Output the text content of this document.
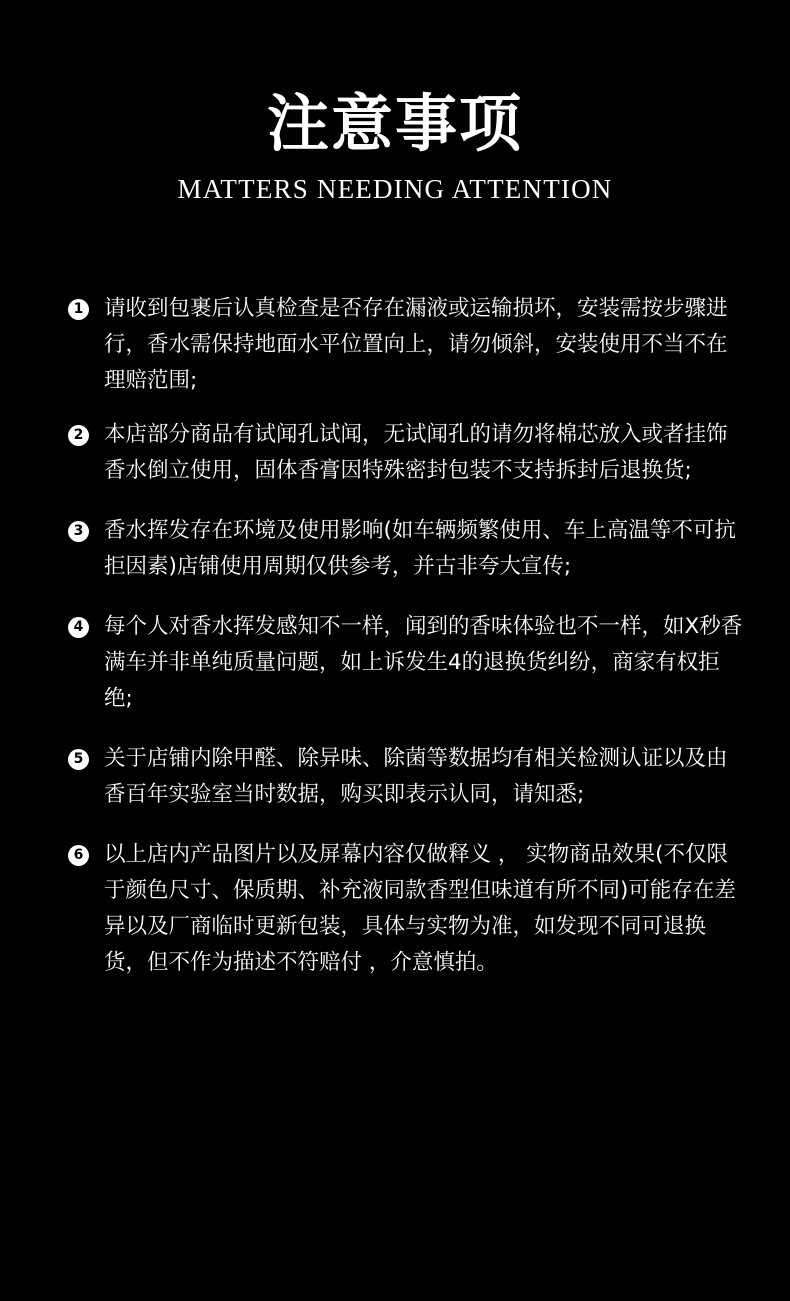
注意事项
MATTERS NEEDING ATTENTION
1 请收到包裹后认真检查是否存在漏液或运输损坏，安装需按步骤进行，香水需保持地面水平位置向上，请勿倾斜，安装使用不当不在理赔范围;
2 本店部分商品有试闻孔试闻，无试闻孔的请勿将棉芯放入或者挂饰香水倒立使用，固体香膏因特殊密封包装不支持拆封后退换货;
3 香水挥发存在环境及使用影响(如车辆频繁使用、车上高温等不可抗拒因素)店铺使用周期仅供参考，并古非夸大宣传;
4 每个人对香水挥发感知不一样，闻到的香味体验也不一样，如X秒香满车并非单纯质量问题，如上诉发生4的退换货纠纷，商家有权拒绝;
5 关于店铺内除甲醛、除异味、除菌等数据均有相关检测认证以及由香百年实验室当时数据，购买即表示认同，请知悉;
6 以上店内产品图片以及屏幕内容仅做释义 ， 实物商品效果(不仅限于颜色尺寸、保质期、补充液同款香型但味道有所不同)可能存在差异以及厂商临时更新包装，具体与实物为准，如发现不同可退换货，但不作为描述不符赔付 ，介意慎拍。
